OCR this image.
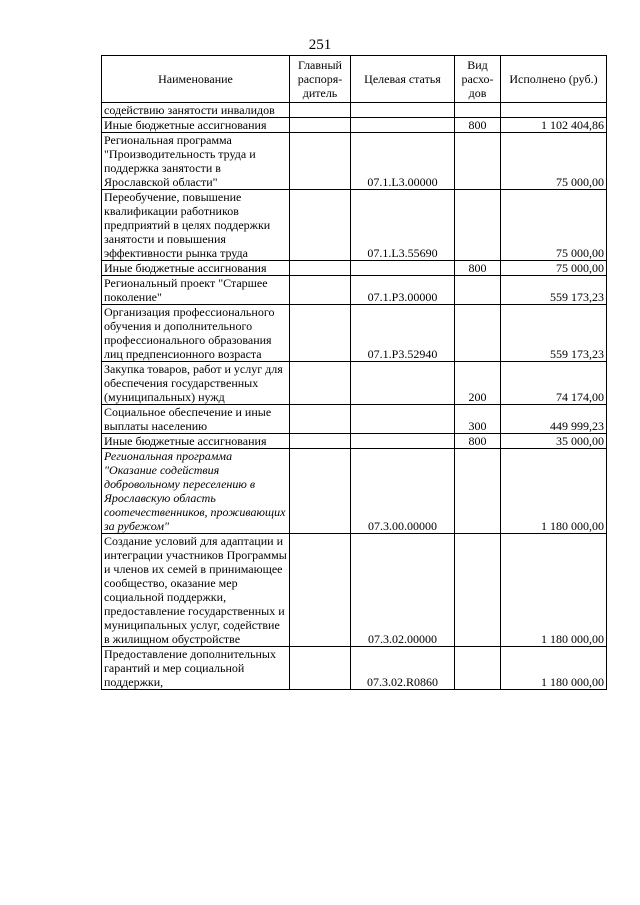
251
Наименование	Главный распоря-дитель	Целевая статья	Вид расхо-дов	Исполнено (руб.)
содействию занятости инвалидов				
Иные бюджетные ассигнования			800	1 102 404,86
Региональная программа "Производительность труда и поддержка занятости в Ярославской области"		07.1.L3.00000		75 000,00
Переобучение, повышение квалификации работников предприятий в целях поддержки занятости и повышения эффективности рынка труда		07.1.L3.55690		75 000,00
Иные бюджетные ассигнования			800	75 000,00
Региональный проект "Старшее поколение"		07.1.P3.00000		559 173,23
Организация профессионального обучения и дополнительного профессионального образования лиц предпенсионного возраста		07.1.P3.52940		559 173,23
Закупка товаров, работ и услуг для обеспечения государственных (муниципальных) нужд			200	74 174,00
Социальное обеспечение и иные выплаты населению			300	449 999,23
Иные бюджетные ассигнования			800	35 000,00
Региональная программа "Оказание содействия добровольному переселению в Ярославскую область соотечественников, проживающих за рубежом"		07.3.00.00000		1 180 000,00
Создание условий для адаптации и интеграции участников Программы и членов их семей в принимающее сообщество, оказание мер социальной поддержки, предоставление государственных и муниципальных услуг, содействие в жилищном обустройстве		07.3.02.00000		1 180 000,00
Предоставление дополнительных гарантий и мер социальной поддержки,		07.3.02.R0860		1 180 000,00
